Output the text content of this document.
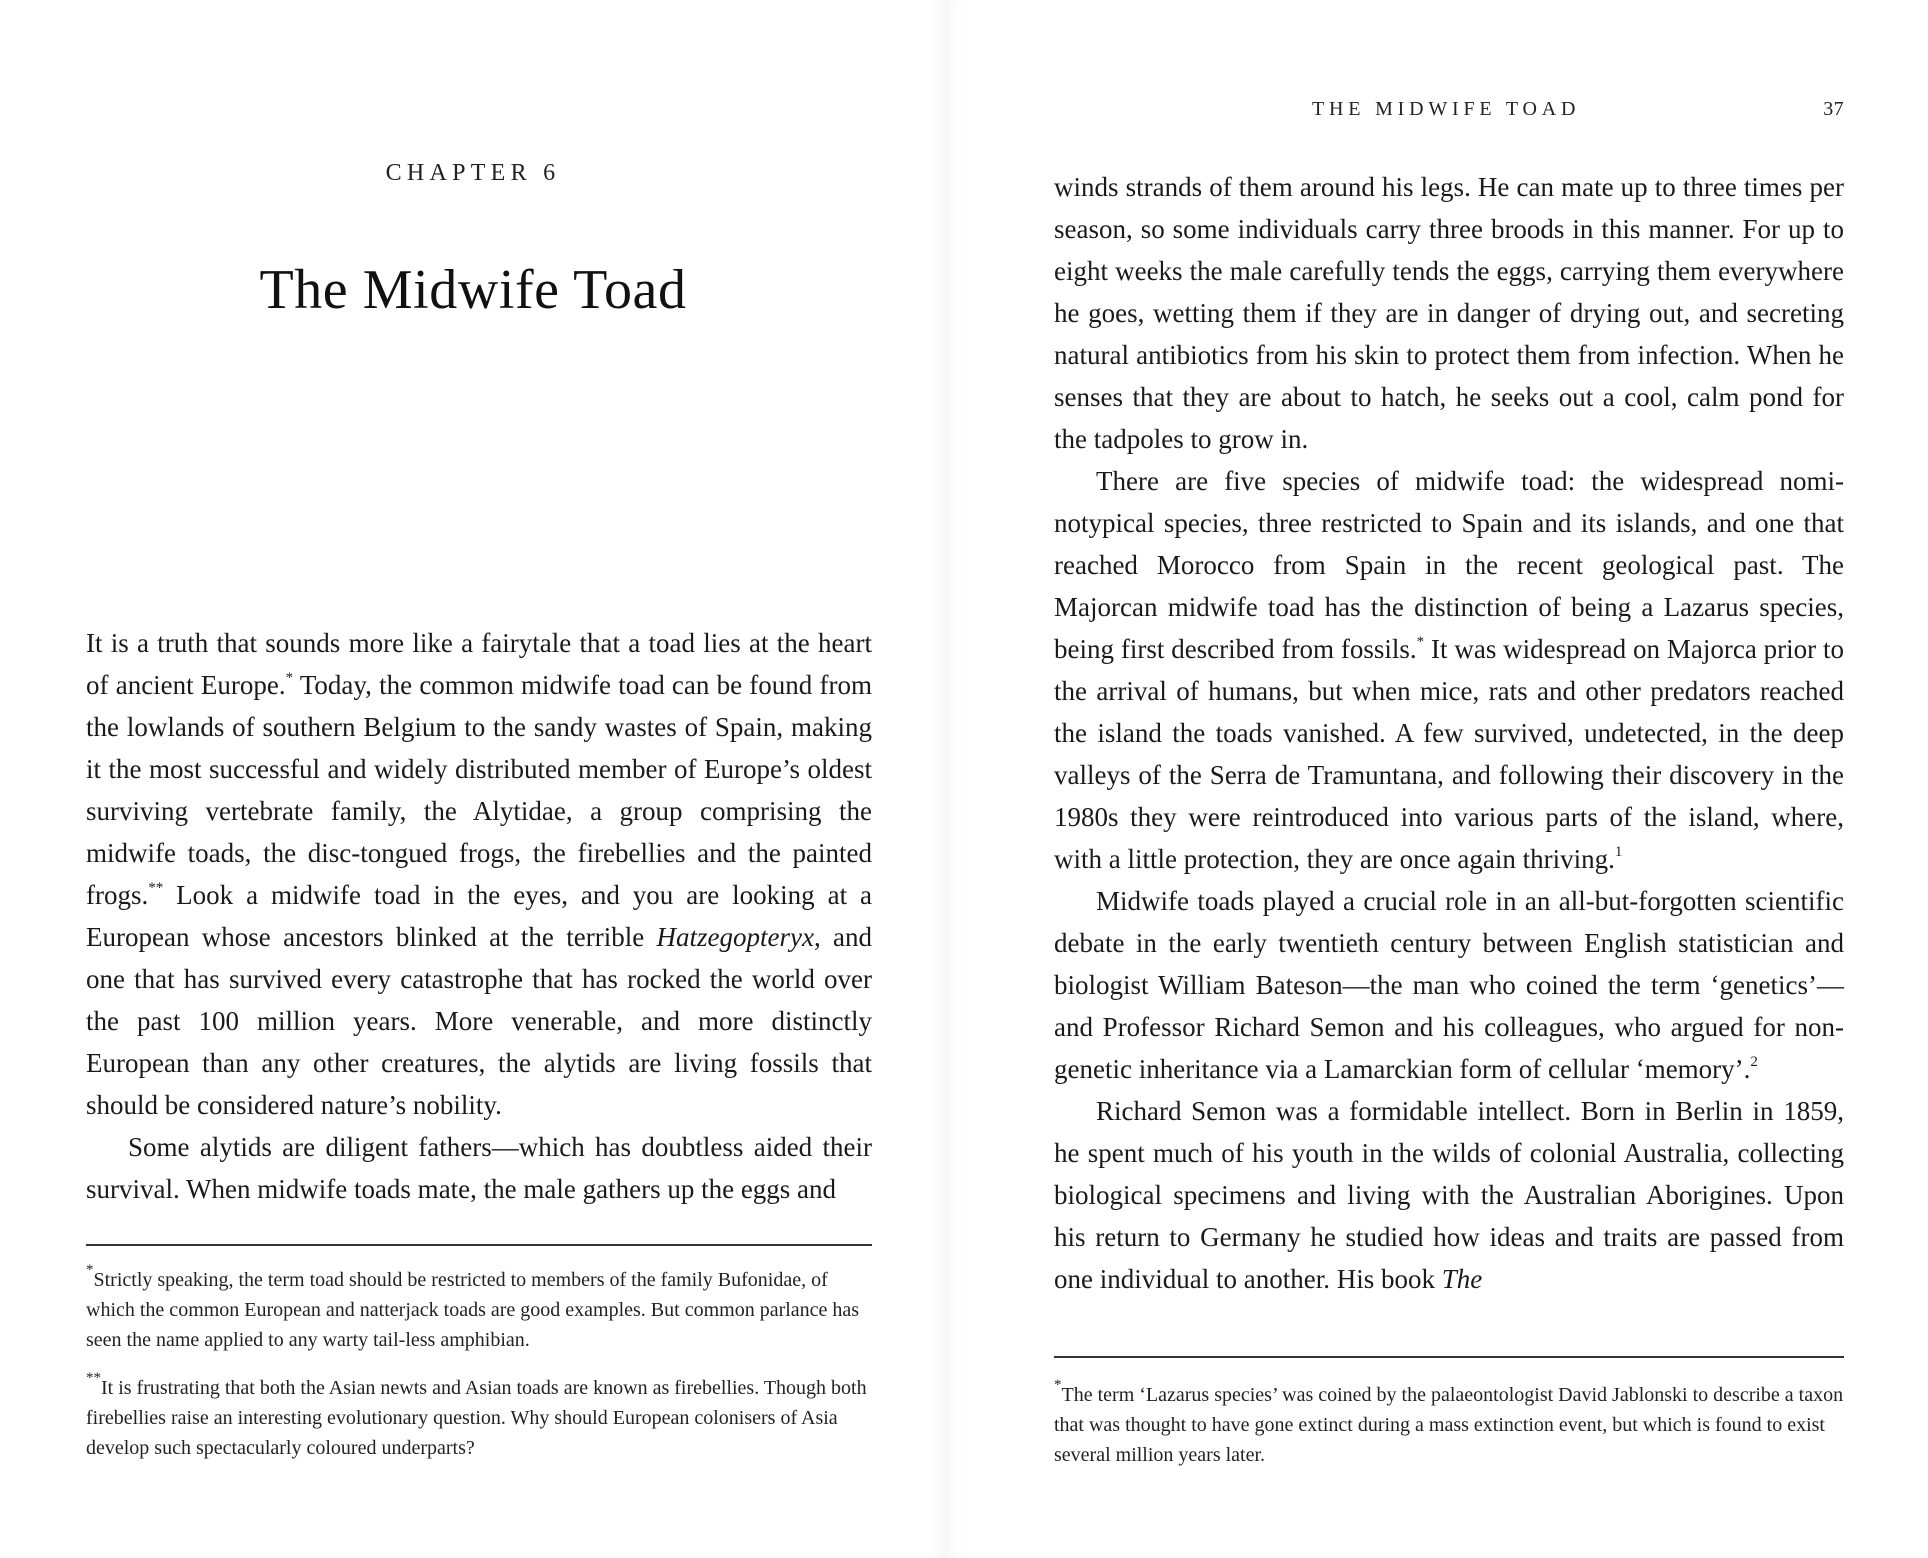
CHAPTER 6
The Midwife Toad

It is a truth that sounds more like a fairytale that a toad lies at the heart of ancient Europe.* Today, the common midwife toad can be found from the lowlands of southern Belgium to the sandy wastes of Spain, making it the most successful and widely distributed member of Europe’s oldest surviving vertebrate family, the Alytidae, a group comprising the midwife toads, the disc-tongued frogs, the firebellies and the painted frogs.** Look a midwife toad in the eyes, and you are looking at a European whose ancestors blinked at the terrible Hatzegopteryx, and one that has survived every catastrophe that has rocked the world over the past 100 million years. More venerable, and more distinctly European than any other creatures, the alytids are living fossils that should be considered nature’s nobility.

Some alytids are diligent fathers—which has doubtless aided their survival. When midwife toads mate, the male gathers up the eggs and

*Strictly speaking, the term toad should be restricted to members of the family Bufonidae, of which the common European and natterjack toads are good examples. But common parlance has seen the name applied to any warty tail-less amphibian.

**It is frustrating that both the Asian newts and Asian toads are known as firebellies. Though both firebellies raise an interesting evolutionary question. Why should European colonisers of Asia develop such spectacularly coloured underparts?

THE MIDWIFE TOAD	37

winds strands of them around his legs. He can mate up to three times per season, so some individuals carry three broods in this manner. For up to eight weeks the male carefully tends the eggs, carrying them everywhere he goes, wetting them if they are in danger of drying out, and secreting natural antibiotics from his skin to protect them from infection. When he senses that they are about to hatch, he seeks out a cool, calm pond for the tadpoles to grow in.

There are five species of midwife toad: the widespread nominotypical species, three restricted to Spain and its islands, and one that reached Morocco from Spain in the recent geological past. The Majorcan midwife toad has the distinction of being a Lazarus species, being first described from fossils.* It was widespread on Majorca prior to the arrival of humans, but when mice, rats and other predators reached the island the toads vanished. A few survived, undetected, in the deep valleys of the Serra de Tramuntana, and following their discovery in the 1980s they were reintroduced into various parts of the island, where, with a little protection, they are once again thriving.$^1$

Midwife toads played a crucial role in an all-but-forgotten scientific debate in the early twentieth century between English statistician and biologist William Bateson—the man who coined the term ‘genetics’—and Professor Richard Semon and his colleagues, who argued for non-genetic inheritance via a Lamarckian form of cellular ‘memory’.$^2$

Richard Semon was a formidable intellect. Born in Berlin in 1859, he spent much of his youth in the wilds of colonial Australia, collecting biological specimens and living with the Australian Aborigines. Upon his return to Germany he studied how ideas and traits are passed from one individual to another. His book The

*The term ‘Lazarus species’ was coined by the palaeontologist David Jablonski to describe a taxon that was thought to have gone extinct during a mass extinction event, but which is found to exist several million years later.
